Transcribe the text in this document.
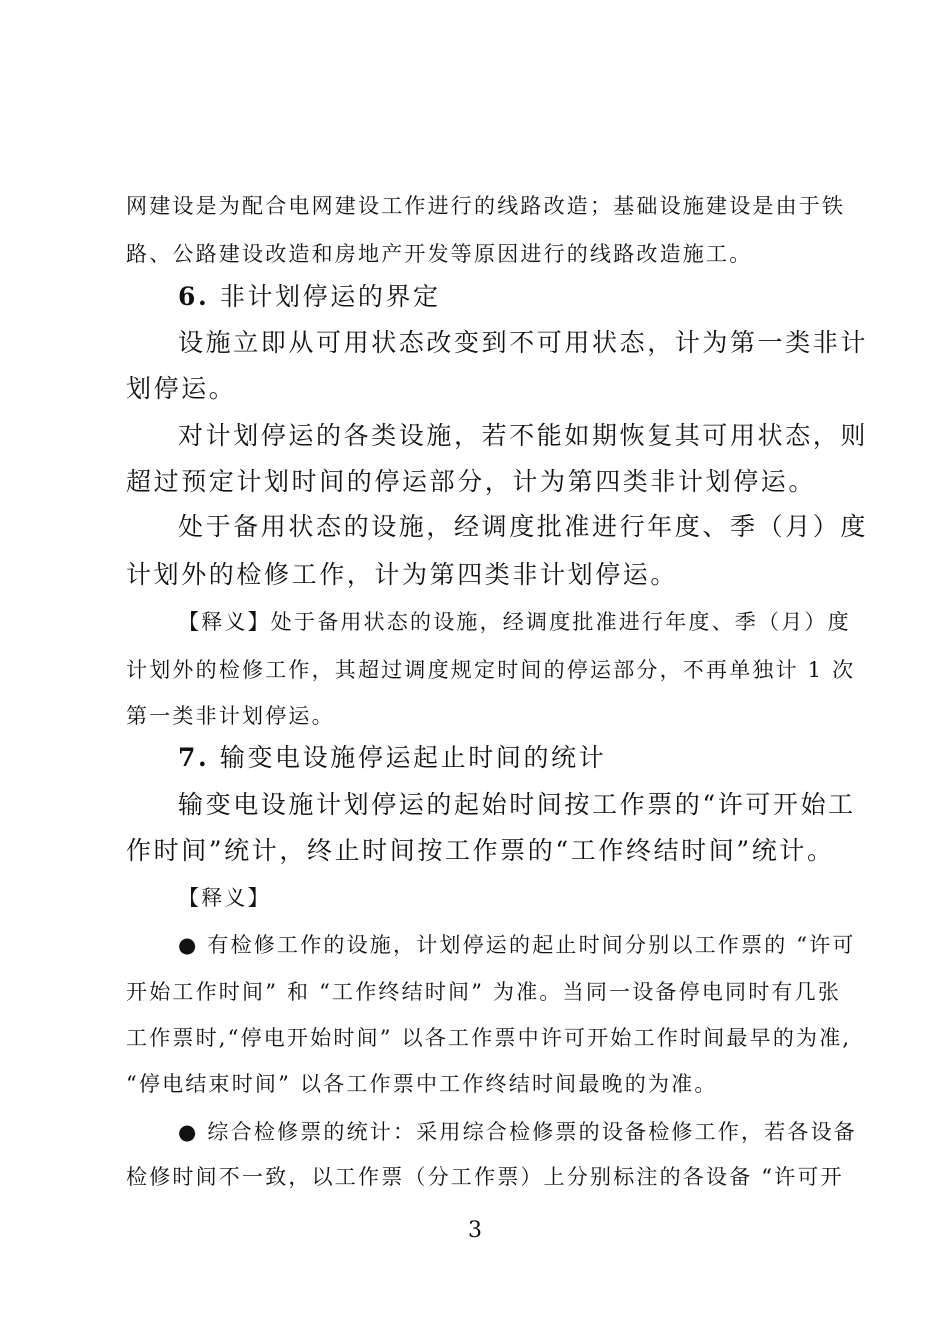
网建设是为配合电网建设工作进行的线路改造；基础设施建设是由于铁
路、公路建设改造和房地产开发等原因进行的线路改造施工。
6. 非计划停运的界定
设施立即从可用状态改变到不可用状态，计为第一类非计
划停运。
对计划停运的各类设施，若不能如期恢复其可用状态，则
超过预定计划时间的停运部分，计为第四类非计划停运。
处于备用状态的设施，经调度批准进行年度、季（月）度
计划外的检修工作，计为第四类非计划停运。
【释义】处于备用状态的设施，经调度批准进行年度、季（月）度
计划外的检修工作，其超过调度规定时间的停运部分，不再单独计 1 次
第一类非计划停运。
7. 输变电设施停运起止时间的统计
输变电设施计划停运的起始时间按工作票的“许可开始工
作时间”统计，终止时间按工作票的“工作终结时间”统计。
【释义】
● 有检修工作的设施，计划停运的起止时间分别以工作票的 “许可
开始工作时间” 和 “工作终结时间” 为准。当同一设备停电同时有几张
工作票时,“停电开始时间” 以各工作票中许可开始工作时间最早的为准,
“停电结束时间” 以各工作票中工作终结时间最晚的为准。
● 综合检修票的统计：采用综合检修票的设备检修工作，若各设备
检修时间不一致，以工作票（分工作票）上分别标注的各设备 “许可开
3
